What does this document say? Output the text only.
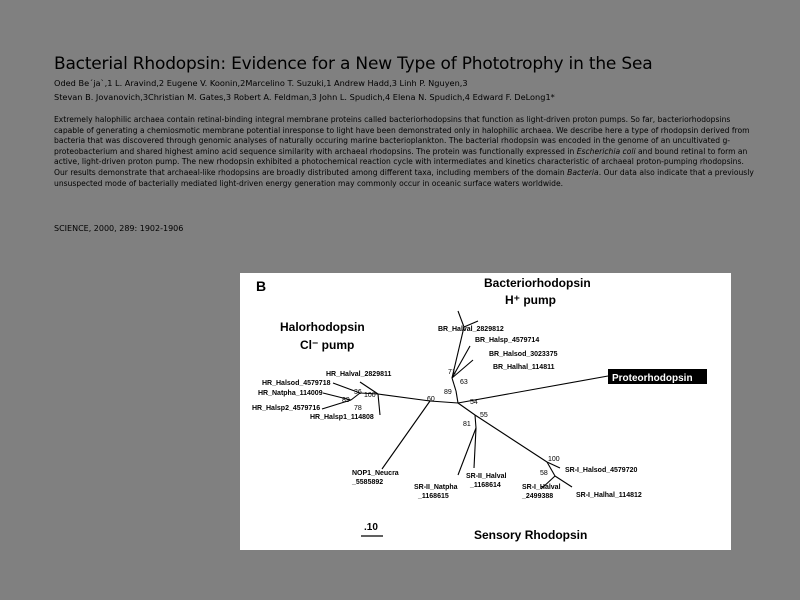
Bacterial Rhodopsin: Evidence for a New Type of Phototrophy in the Sea
Oded Be´ja`,1 L. Aravind,2 Eugene V. Koonin,2Marcelino T. Suzuki,1 Andrew Hadd,3 Linh P. Nguyen,3
Stevan B. Jovanovich,3Christian M. Gates,3 Robert A. Feldman,3 John L. Spudich,4 Elena N. Spudich,4 Edward F. DeLong1*
Extremely halophilic archaea contain retinal-binding integral membrane proteins called bacteriorhodopsins that function as light-driven proton pumps. So far, bacteriorhodopsins capable of generating a chemiosmotic membrane potential inresponse to light have been demonstrated only in halophilic archaea. We describe here a type of rhodopsin derived from bacteria that was discovered through genomic analyses of naturally occuring marine bacterioplankton. The bacterial rhodopsin was encoded in the genome of an uncultivated g-proteobacterium and shared highest amino acid sequence similarity with archaeal rhodopsins. The protein was functionally expressed in Escherichia coli and bound retinal to form an active, light-driven proton pump. The new rhodopsin exhibited a photochemical reaction cycle with intermediates and kinetics characteristic of archaeal proton-pumping rhodopsins. Our results demonstrate that archaeal-like rhodopsins are broadly distributed among different taxa, including members of the domain Bacteria. Our data also indicate that a previously unsuspected mode of bacterially mediated light-driven energy generation may commonly occur in oceanic surface waters worldwide.
SCIENCE, 2000, 289: 1902-1906
B	Bacteriorhodopsin
H⁺ pump
Halorhodopsin
Cl⁻ pump
Sensory Rhodopsin
Proteorhodopsin
BR_Halval_2829812
BR_Halsp_4579714
BR_Halsod_3023375
BR_Halhal_114811
HR_Halval_2829811
HR_Halsod_4579718
HR_Natpha_114009
HR_Halsp2_4579716
HR_Halsp1_114808
NOP1_Neucra
_5585892
SR-II_Halval
_1168614
SR-II_Natpha
_1168615
SR-I_Halval
_2499388
SR-I_Halsod_4579720
SR-I_Halhal_114812
71
63
89
54
55
81
60
36 100
89
78
100
58
.10
